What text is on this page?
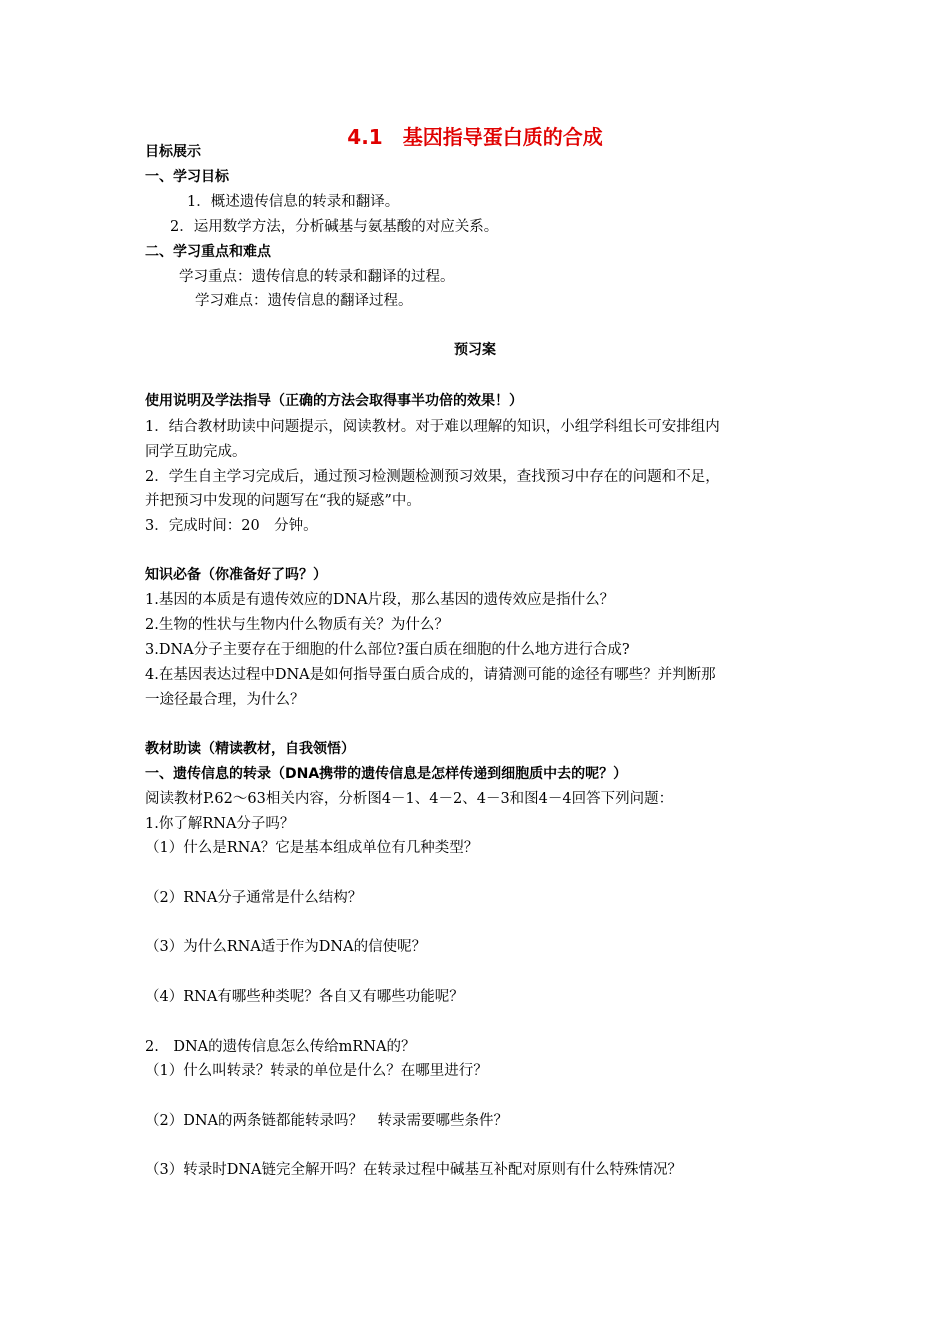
4.1　基因指导蛋白质的合成
目标展示
一、学习目标
1．概述遗传信息的转录和翻译。
2．运用数学方法，分析碱基与氨基酸的对应关系。
二、学习重点和难点
学习重点：遗传信息的转录和翻译的过程。
学习难点：遗传信息的翻译过程。
预习案
使用说明及学法指导（正确的方法会取得事半功倍的效果！）
1．结合教材助读中问题提示，阅读教材。对于难以理解的知识，小组学科组长可安排组内
同学互助完成。
2．学生自主学习完成后，通过预习检测题检测预习效果，查找预习中存在的问题和不足，
并把预习中发现的问题写在“我的疑惑”中。
3．完成时间：20　分钟。
知识必备（你准备好了吗？）
1.基因的本质是有遗传效应的DNA片段，那么基因的遗传效应是指什么？
2.生物的性状与生物内什么物质有关？为什么？
3.DNA分子主要存在于细胞的什么部位?蛋白质在细胞的什么地方进行合成?
4.在基因表达过程中DNA是如何指导蛋白质合成的，请猜测可能的途径有哪些？并判断那
一途径最合理，为什么？
教材助读（精读教材，自我领悟）
一、遗传信息的转录（DNA携带的遗传信息是怎样传递到细胞质中去的呢？）
阅读教材P.62～63相关内容，分析图4－1、4－2、4－3和图4－4回答下列问题：
1.你了解RNA分子吗？
（1）什么是RNA？它是基本组成单位有几种类型？
（2）RNA分子通常是什么结构？
（3）为什么RNA适于作为DNA的信使呢？
（4）RNA有哪些种类呢？各自又有哪些功能呢？
2.　DNA的遗传信息怎么传给mRNA的？
（1）什么叫转录？转录的单位是什么？在哪里进行？
（2）DNA的两条链都能转录吗？　转录需要哪些条件？
（3）转录时DNA链完全解开吗？在转录过程中碱基互补配对原则有什么特殊情况？
